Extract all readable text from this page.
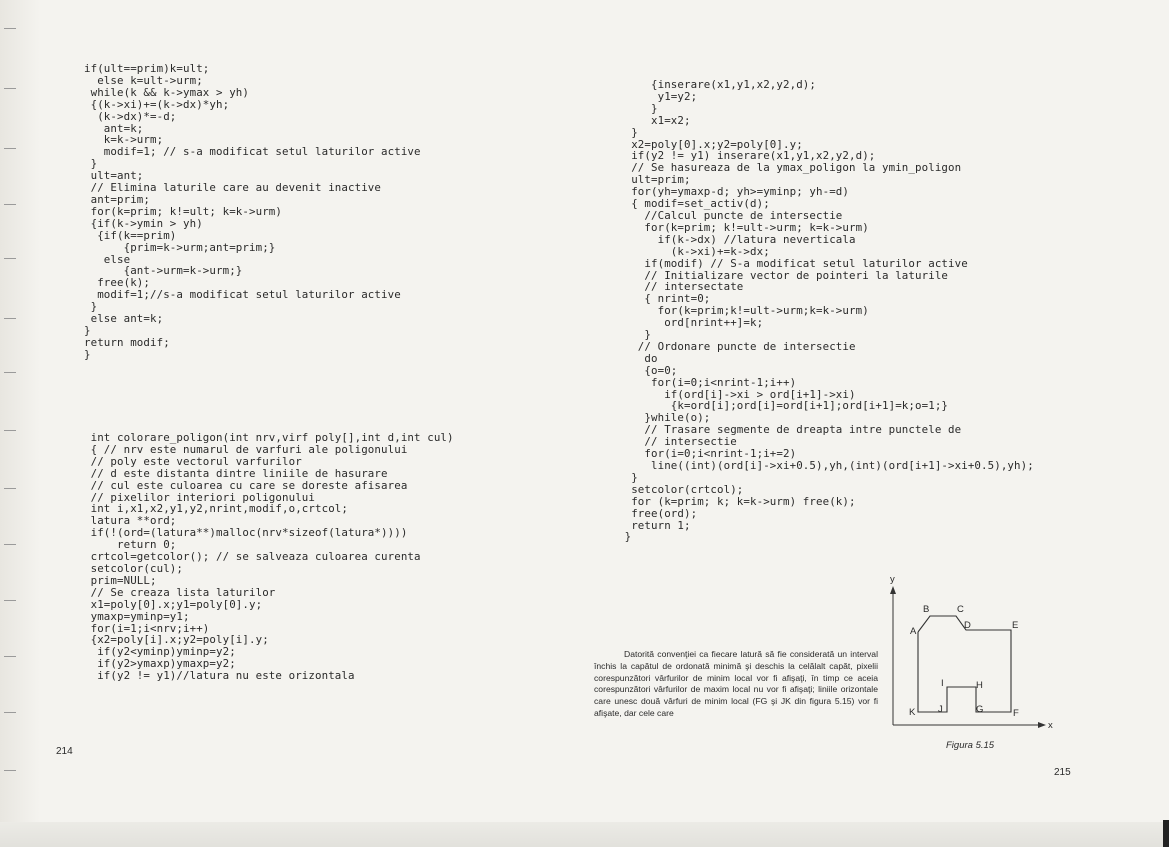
if(ult==prim)k=ult;
else k=ult->urm;
while(k && k->ymax > yh)
{(k->xi)+=(k->dx)*yh;
(k->dx)*=-d;
ant=k;
k=k->urm;
modif=1; // s-a modificat setul laturilor active
}
ult=ant;
// Elimina laturile care au devenit inactive
ant=prim;
for(k=prim; k!=ult; k=k->urm)
{if(k->ymin > yh)
{if(k==prim)
{prim=k->urm;ant=prim;}
else
{ant->urm=k->urm;}
free(k);
modif=1;//s-a modificat setul laturilor active
}
else ant=k;
}
return modif;
}
int colorare_poligon(int nrv,virf poly[],int d,int cul)
{ // nrv este numarul de varfuri ale poligonului
// poly este vectorul varfurilor
// d este distanta dintre liniile de hasurare
// cul este culoarea cu care se doreste afisarea
// pixelilor interiori poligonului
int i,x1,x2,y1,y2,nrint,modif,o,crtcol;
latura **ord;
if(!(ord=(latura**)malloc(nrv*sizeof(latura*))))
return 0;
crtcol=getcolor(); // se salveaza culoarea curenta
setcolor(cul);
prim=NULL;
// Se creaza lista laturilor
x1=poly[0].x;y1=poly[0].y;
ymaxp=yminp=y1;
for(i=1;i<nrv;i++)
{x2=poly[i].x;y2=poly[i].y;
if(y2<yminp)yminp=y2;
if(y2>ymaxp)ymaxp=y2;
if(y2 != y1)//latura nu este orizontala

214

{inserare(x1,y1,x2,y2,d);
y1=y2;
}
x1=x2;
}
x2=poly[0].x;y2=poly[0].y;
if(y2 != y1) inserare(x1,y1,x2,y2,d);
// Se hasureaza de la ymax_poligon la ymin_poligon
ult=prim;
for(yh=ymaxp-d; yh>=yminp; yh-=d)
{ modif=set_activ(d);
//Calcul puncte de intersectie
for(k=prim; k!=ult->urm; k=k->urm)
if(k->dx) //latura neverticala
(k->xi)+=k->dx;
if(modif) // S-a modificat setul laturilor active
// Initializare vector de pointeri la laturile
// intersectate
{ nrint=0;
for(k=prim;k!=ult->urm;k=k->urm)
ord[nrint++]=k;
}
// Ordonare puncte de intersectie
do
{o=0;
for(i=0;i<nrint-1;i++)
if(ord[i]->xi > ord[i+1]->xi)
{k=ord[i];ord[i]=ord[i+1];ord[i+1]=k;o=1;}
}while(o);
// Trasare segmente de dreapta intre punctele de
// intersectie
for(i=0;i<nrint-1;i+=2)
line((int)(ord[i]->xi+0.5),yh,(int)(ord[i+1]->xi+0.5),yh);
}
setcolor(crtcol);
for (k=prim; k; k=k->urm) free(k);
free(ord);
return 1;
}

Datorită convenţiei ca fiecare latură să fie considerată un interval închis la capătul de ordonată minimă şi deschis la celălalt capăt, pixelii corespunzători vârfurilor de minim local vor fi afişaţi, în timp ce aceia corespunzători vârfurilor de maxim local nu vor fi afişaţi; liniile orizontale care unesc două vârfuri de minim local (FG şi JK din figura 5.15) vor fi afişate, dar cele care

y
x
A
B	C
D	E
F
G
H
I
J
K

Figura 5.15

215
